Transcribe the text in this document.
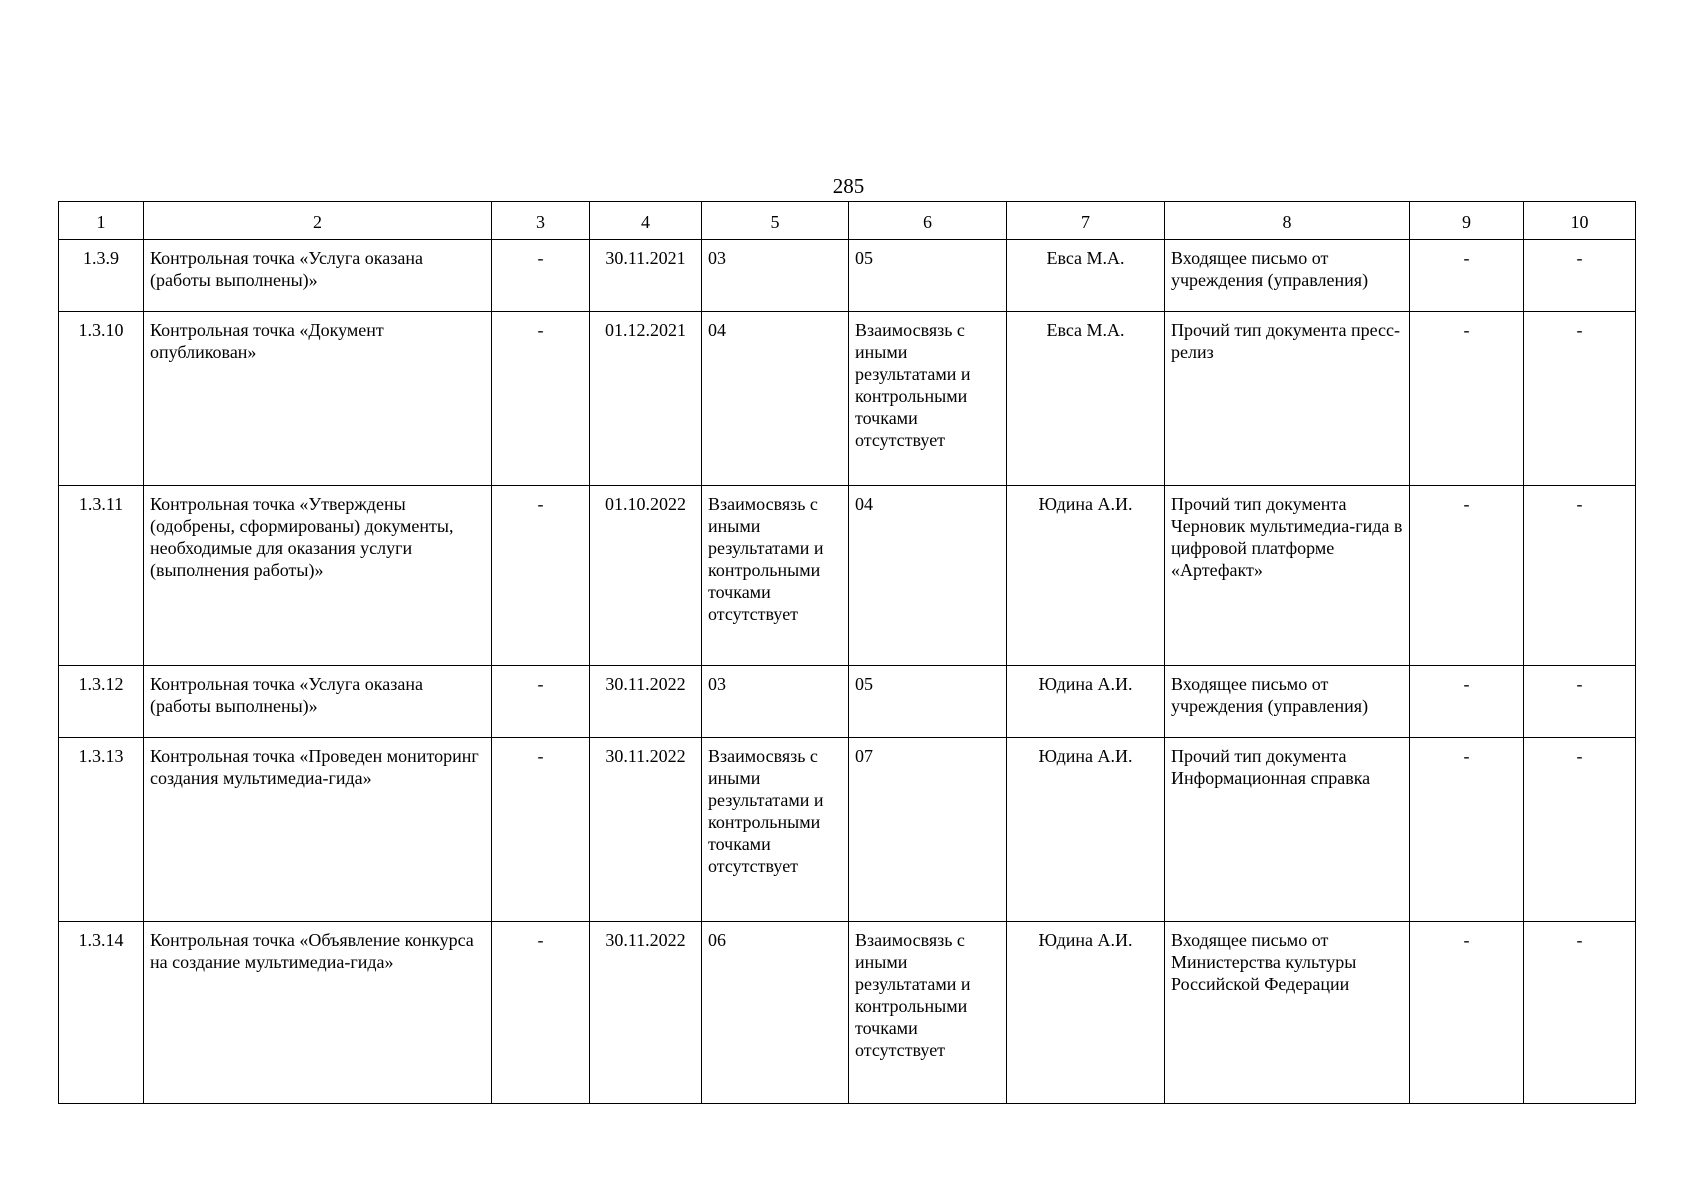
285
1	2	3	4	5	6	7	8	9	10
1.3.9	Контрольная точка «Услуга оказана (работы выполнены)»	-	30.11.2021	03	05	Евса М.А.	Входящее письмо от учреждения (управления)	-	-
1.3.10	Контрольная точка «Документ опубликован»	-	01.12.2021	04	Взаимосвязь с иными результатами и контрольными точками отсутствует	Евса М.А.	Прочий тип документа пресс-релиз	-	-
1.3.11	Контрольная точка «Утверждены (одобрены, сформированы) документы, необходимые для оказания услуги (выполнения работы)»	-	01.10.2022	Взаимосвязь с иными результатами и контрольными точками отсутствует	04	Юдина А.И.	Прочий тип документа Черновик мультимедиа-гида в цифровой платформе «Артефакт»	-	-
1.3.12	Контрольная точка «Услуга оказана (работы выполнены)»	-	30.11.2022	03	05	Юдина А.И.	Входящее письмо от учреждения (управления)	-	-
1.3.13	Контрольная точка «Проведен мониторинг создания мультимедиа-гида»	-	30.11.2022	Взаимосвязь с иными результатами и контрольными точками отсутствует	07	Юдина А.И.	Прочий тип документа Информационная справка	-	-
1.3.14	Контрольная точка «Объявление конкурса на создание мультимедиа-гида»	-	30.11.2022	06	Взаимосвязь с иными результатами и контрольными точками отсутствует	Юдина А.И.	Входящее письмо от Министерства культуры Российской Федерации	-	-
